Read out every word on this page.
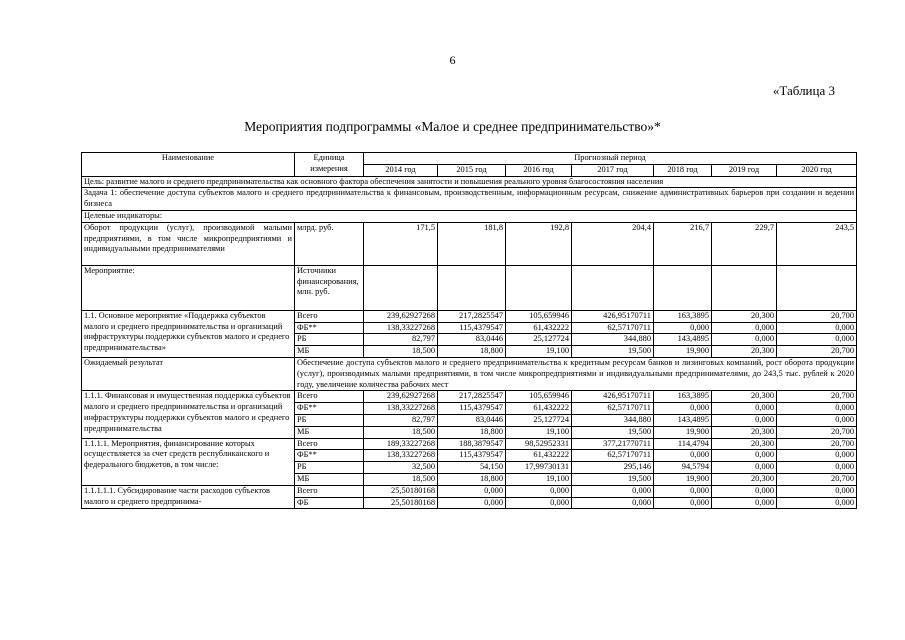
6
«Таблица 3
Мероприятия подпрограммы «Малое и среднее предпринимательство»*
Наименование	Единица измерения	Прогнозный период						
		2014 год	2015 год	2016 год	2017 год	2018 год	2019 год	2020 год
Цель: развитие малого и среднего предпринимательства как основного фактора обеспечения занятости и повышения реального уровня благосостояния населения								
Задача 1: обеспечение доступа субъектов малого и среднего предпринимательства к финансовым, производственным, информационным ресурсам, снижение административных барьеров при создании и ведении бизнеса								
Целевые индикаторы:								
Оборот продукции (услуг), производимой малыми предприятиями, в том числе микропредприятиями и индивидуальными предпринимателями	млрд. руб.	171,5	181,8	192,8	204,4	216,7	229,7	243,5
Мероприятие:	Источники финансирования, млн. руб.							
1.1. Основное мероприятие «Поддержка субъектов малого и среднего предпринимательства и организаций инфраструктуры поддержки субъектов малого и среднего предпринимательства»	Всего	239,62927268	217,2825547	105,659946	426,95170711	163,3895	20,300	20,700
	ФБ**	138,33227268	115,4379547	61,432222	62,57170711	0,000	0,000	0,000
	РБ	82,797	83,0446	25,127724	344,880	143,4895	0,000	0,000
	МБ	18,500	18,800	19,100	19,500	19,900	20,300	20,700
Ожидаемый результат	Обеспечение доступа субъектов малого и среднего предпринимательства к кредитным ресурсам банков и лизинговых компаний, рост оборота продукции (услуг), производимых малыми предприятиями, в том числе микропредприятиями и индивидуальными предпринимателями, до 243,5 тыс. рублей к 2020 году, увеличение количества рабочих мест							
1.1.1. Финансовая и имущественная поддержка субъектов малого и среднего предпринимательства и организаций инфраструктуры поддержки субъектов малого и среднего предпринимательства	Всего	239,62927268	217,2825547	105,659946	426,95170711	163,3895	20,300	20,700
	ФБ**	138,33227268	115,4379547	61,432222	62,57170711	0,000	0,000	0,000
	РБ	82,797	83,0446	25,127724	344,880	143,4895	0,000	0,000
	МБ	18,500	18,800	19,100	19,500	19,900	20,300	20,700
1.1.1.1. Мероприятия, финансирование которых осуществляется за счет средств республиканского и федерального бюджетов, в том числе:	Всего	189,33227268	188,3879547	98,52952331	377,21770711	114,4794	20,300	20,700
	ФБ**	138,33227268	115,4379547	61,432222	62,57170711	0,000	0,000	0,000
	РБ	32,500	54,150	17,99730131	295,146	94,5794	0,000	0,000
	МБ	18,500	18,800	19,100	19,500	19,900	20,300	20,700
1.1.1.1.1. Субсидирование части расходов субъектов малого и среднего предпринима-	Всего	25,50180168	0,000	0,000	0,000	0,000	0,000	0,000
	ФБ	25,50180168	0,000	0,000	0,000	0,000	0,000	0,000
